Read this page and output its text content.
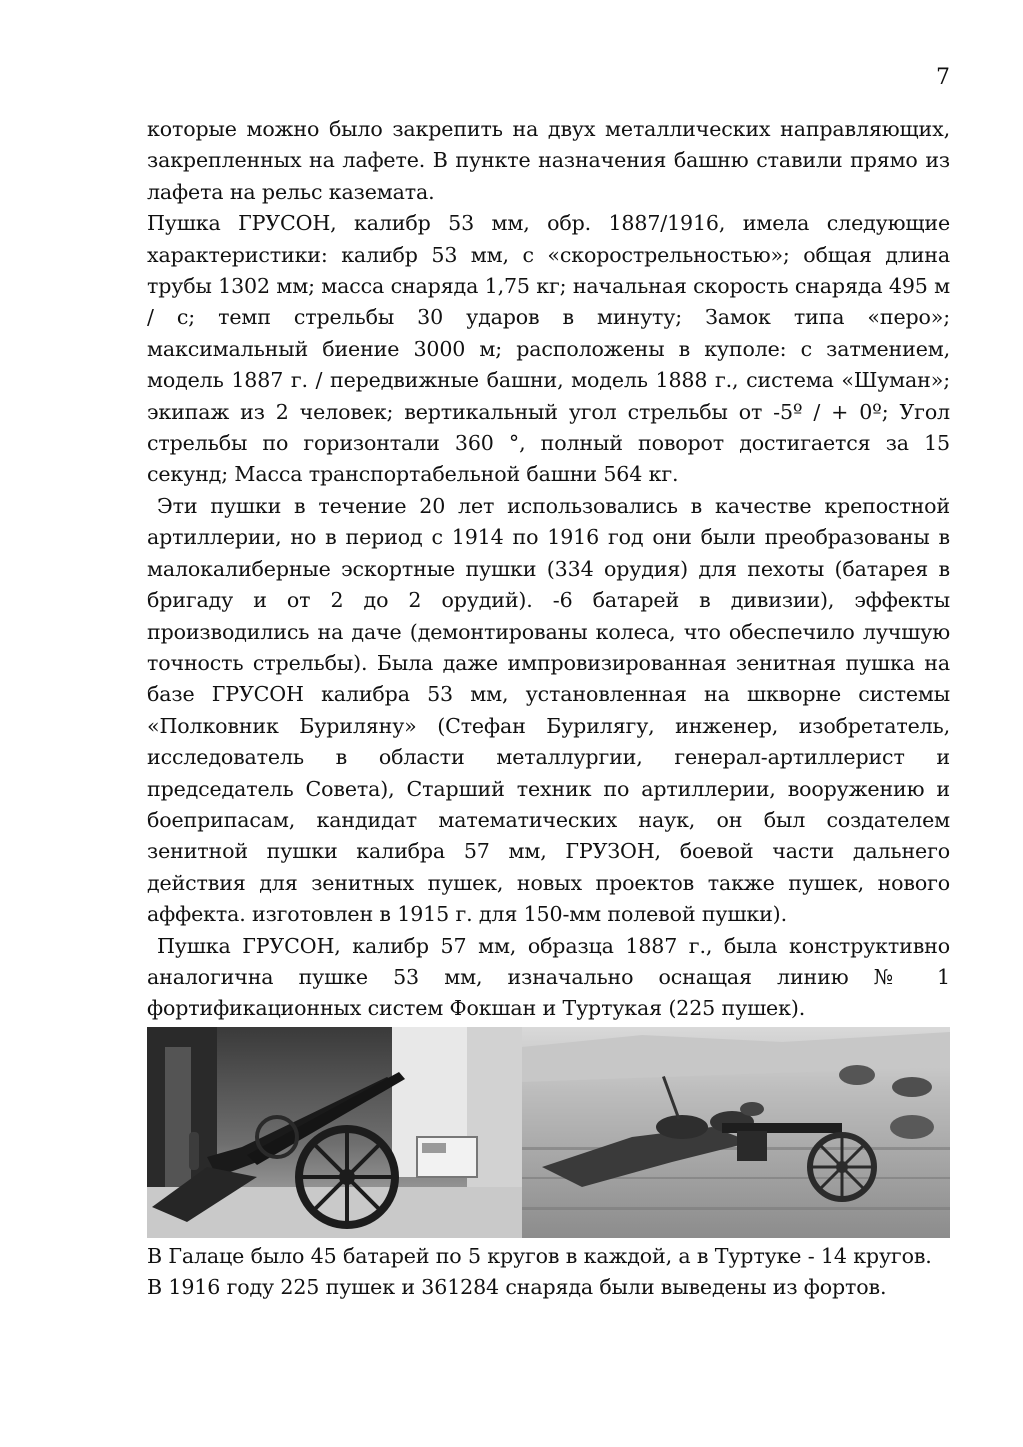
7

которые можно было закрепить на двух металлических направляющих, закрепленных на лафете. В пункте назначения башню ставили прямо из лафета на рельс каземата.

Пушка ГРУСОН, калибр 53 мм, обр. 1887/1916, имела следующие характеристики: калибр 53 мм, с «скорострельностью»; общая длина трубы 1302 мм; масса снаряда 1,75 кг; начальная скорость снаряда 495 м / с; темп стрельбы 30 ударов в минуту; Замок типа «перо»; максимальный биение 3000 м; расположены в куполе: с затмением, модель 1887 г. / передвижные башни, модель 1888 г., система «Шуман»; экипаж из 2 человек; вертикальный угол стрельбы от -5º / + 0º; Угол стрельбы по горизонтали 360 °, полный поворот достигается за 15 секунд; Масса транспортабельной башни 564 кг.

Эти пушки в течение 20 лет использовались в качестве крепостной артиллерии, но в период с 1914 по 1916 год они были преобразованы в малокалиберные эскортные пушки (334 орудия) для пехоты (батарея в бригаду и от 2 до 2 орудий). -6 батарей в дивизии), эффекты производились на даче (демонтированы колеса, что обеспечило лучшую точность стрельбы). Была даже импровизированная зенитная пушка на базе ГРУСОН калибра 53 мм, установленная на шкворне системы «Полковник Буриляну» (Стефан Бурилягу, инженер, изобретатель, исследователь в области металлургии, генерал-артиллерист и председатель Совета), Старший техник по артиллерии, вооружению и боеприпасам, кандидат математических наук, он был создателем зенитной пушки калибра 57 мм, ГРУЗОН, боевой части дальнего действия для зенитных пушек, новых проектов также пушек, нового аффекта. изготовлен в 1915 г. для 150-мм полевой пушки).

Пушка ГРУСОН, калибр 57 мм, образца 1887 г., была конструктивно аналогична пушке 53 мм, изначально оснащая линию № 1 фортификационных систем Фокшан и Туртукая (225 пушек).

В Галаце было 45 батарей по 5 кругов в каждой, а в Туртуке - 14 кругов.

В 1916 году 225 пушек и 361284 снаряда были выведены из фортов.
